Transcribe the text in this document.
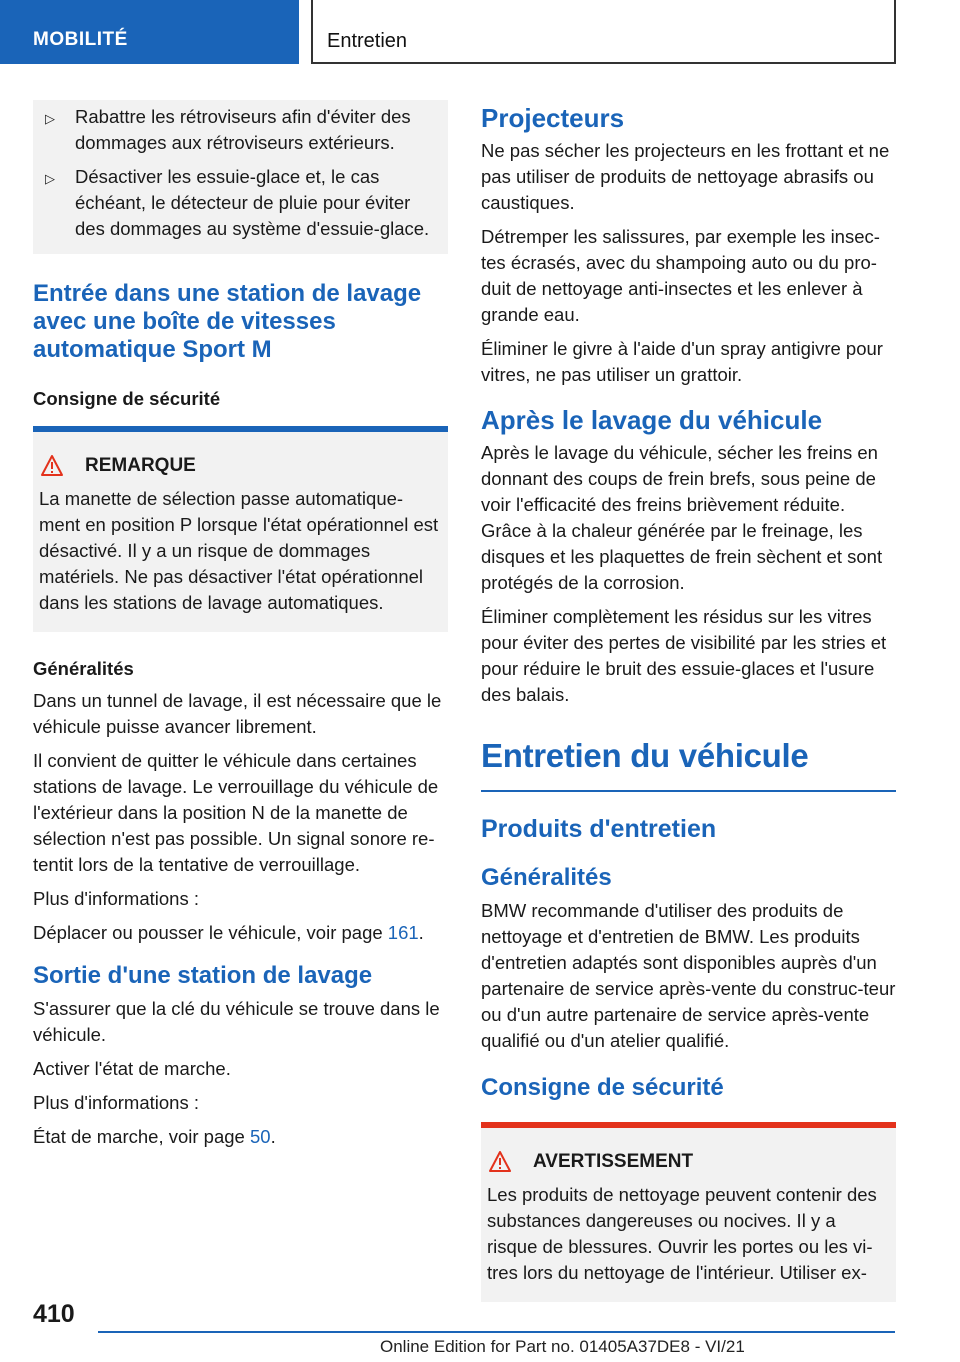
MOBILITÉ	Entretien
▷	Rabattre les rétroviseurs afin d'éviter des dommages aux rétroviseurs extérieurs.
▷	Désactiver les essuie-glace et, le cas échéant, le détecteur de pluie pour éviter des dommages au système d'essuie-glace.
Entrée dans une station de lavage avec une boîte de vitesses automatique Sport M
Consigne de sécurité
REMARQUE

La manette de sélection passe automatique-ment en position P lorsque l'état opérationnel est désactivé. Il y a un risque de dommages matériels. Ne pas désactiver l'état opérationnel dans les stations de lavage automatiques.

Généralités

Dans un tunnel de lavage, il est nécessaire que le véhicule puisse avancer librement.

Il convient de quitter le véhicule dans certaines stations de lavage. Le verrouillage du véhicule de l'extérieur dans la position N de la manette de sélection n'est pas possible. Un signal sonore re-tentit lors de la tentative de verrouillage.

Plus d'informations :

Déplacer ou pousser le véhicule, voir page 161.

Sortie d'une station de lavage

S'assurer que la clé du véhicule se trouve dans le véhicule.

Activer l'état de marche.

Plus d'informations :

État de marche, voir page 50.

Projecteurs

Ne pas sécher les projecteurs en les frottant et ne pas utiliser de produits de nettoyage abrasifs ou caustiques.

Détremper les salissures, par exemple les insec-tes écrasés, avec du shampoing auto ou du pro-duit de nettoyage anti-insectes et les enlever à grande eau.

Éliminer le givre à l'aide d'un spray antigivre pour vitres, ne pas utiliser un grattoir.

Après le lavage du véhicule

Après le lavage du véhicule, sécher les freins en donnant des coups de frein brefs, sous peine de voir l'efficacité des freins brièvement réduite. Grâce à la chaleur générée par le freinage, les disques et les plaquettes de frein sèchent et sont protégés de la corrosion.

Éliminer complètement les résidus sur les vitres pour éviter des pertes de visibilité par les stries et pour réduire le bruit des essuie-glaces et l'usure des balais.

Entretien du véhicule
Produits d'entretien
Généralités

BMW recommande d'utiliser des produits de nettoyage et d'entretien de BMW. Les produits d'entretien adaptés sont disponibles auprès d'un partenaire de service après-vente du construc-teur ou d'un autre partenaire de service après-vente qualifié ou d'un atelier qualifié.

Consigne de sécurité
AVERTISSEMENT

Les produits de nettoyage peuvent contenir des substances dangereuses ou nocives. Il y a risque de blessures. Ouvrir les portes ou les vi-tres lors du nettoyage de l'intérieur. Utiliser ex-

410
Online Edition for Part no. 01405A37DE8 - VI/21
